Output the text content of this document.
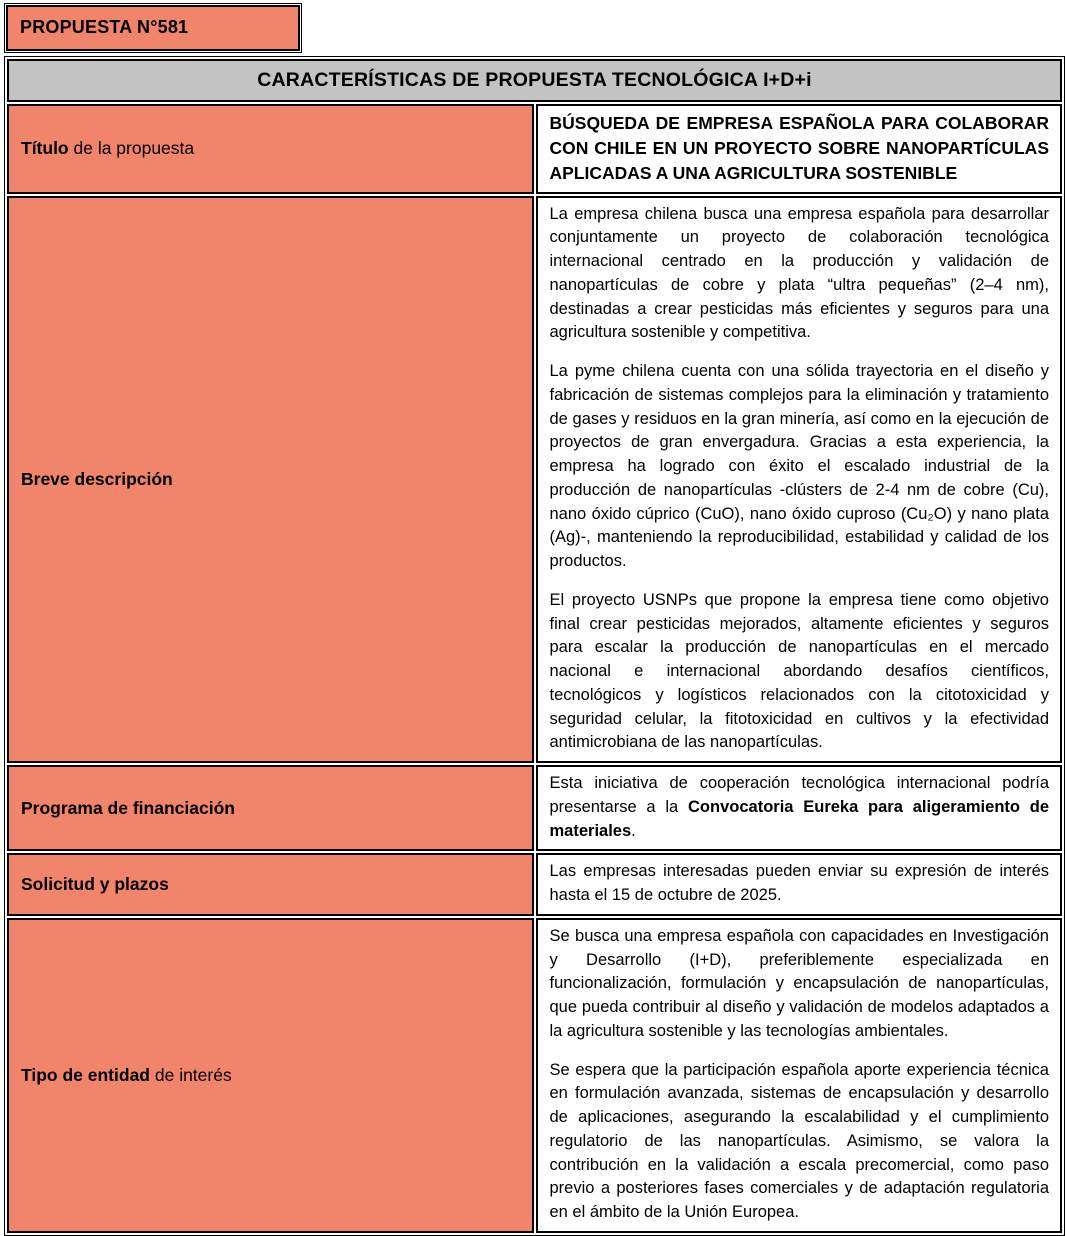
PROPUESTA N°581
CARACTERÍSTICAS DE PROPUESTA TECNOLÓGICA I+D+i	
Título de la propuesta	BÚSQUEDA DE EMPRESA ESPAÑOLA PARA COLABORAR CON CHILE EN UN PROYECTO SOBRE NANOPARTÍCULAS APLICADAS A UNA AGRICULTURA SOSTENIBLE
Breve descripción	La empresa chilena busca una empresa española para desarrollar conjuntamente un proyecto de colaboración tecnológica internacional centrado en la producción y validación de nanopartículas de cobre y plata “ultra pequeñas” (2–4 nm), destinadas a crear pesticidas más eficientes y seguros para una agricultura sostenible y competitiva.

La pyme chilena cuenta con una sólida trayectoria en el diseño y fabricación de sistemas complejos para la eliminación y tratamiento de gases y residuos en la gran minería, así como en la ejecución de proyectos de gran envergadura. Gracias a esta experiencia, la empresa ha logrado con éxito el escalado industrial de la producción de nanopartículas -clústers de 2-4 nm de cobre (Cu), nano óxido cúprico (CuO), nano óxido cuproso (Cu₂O) y nano plata (Ag)-, manteniendo la reproducibilidad, estabilidad y calidad de los productos.

El proyecto USNPs que propone la empresa tiene como objetivo final crear pesticidas mejorados, altamente eficientes y seguros para escalar la producción de nanopartículas en el mercado nacional e internacional abordando desafíos científicos, tecnológicos y logísticos relacionados con la citotoxicidad y seguridad celular, la fitotoxicidad en cultivos y la efectividad antimicrobiana de las nanopartículas.

Programa de financiación	Esta iniciativa de cooperación tecnológica internacional podría presentarse a la Convocatoria Eureka para aligeramiento de materiales.
Solicitud y plazos	Las empresas interesadas pueden enviar su expresión de interés hasta el 15 de octubre de 2025.
Tipo de entidad de interés	Se busca una empresa española con capacidades en Investigación y Desarrollo (I+D), preferiblemente especializada en funcionalización, formulación y encapsulación de nanopartículas, que pueda contribuir al diseño y validación de modelos adaptados a la agricultura sostenible y las tecnologías ambientales.

Se espera que la participación española aporte experiencia técnica en formulación avanzada, sistemas de encapsulación y desarrollo de aplicaciones, asegurando la escalabilidad y el cumplimiento regulatorio de las nanopartículas. Asimismo, se valora la contribución en la validación a escala precomercial, como paso previo a posteriores fases comerciales y de adaptación regulatoria en el ámbito de la Unión Europea.
